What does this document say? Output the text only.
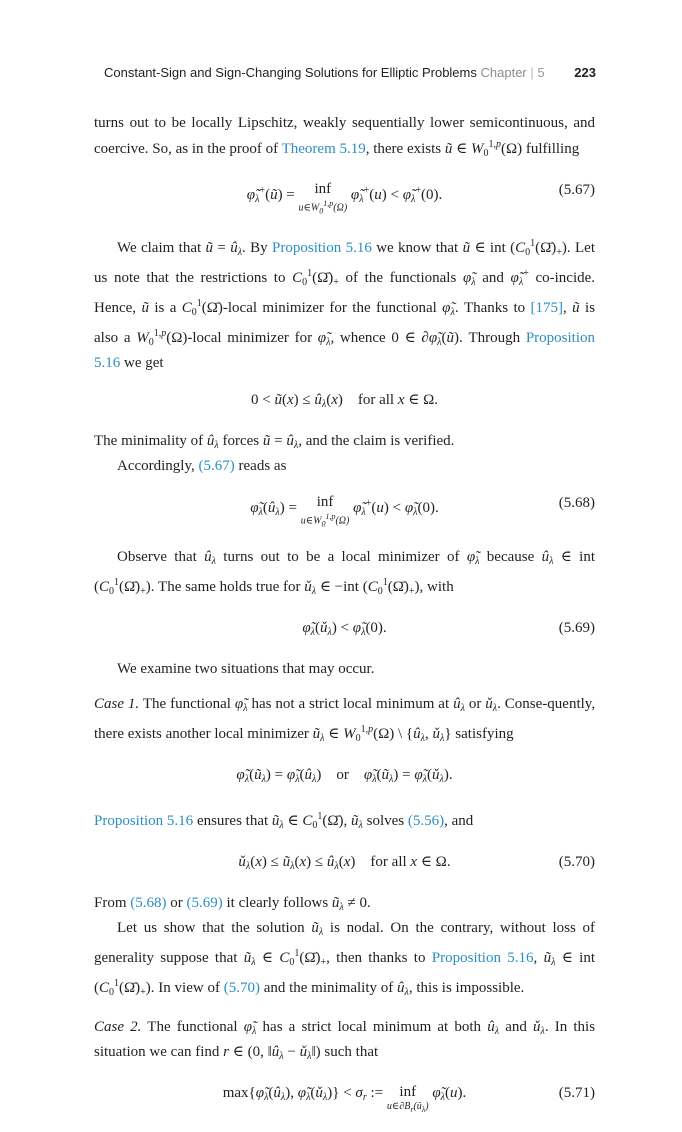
Constant-Sign and Sign-Changing Solutions for Elliptic Problems Chapter | 5 223

turns out to be locally Lipschitz, weakly sequentially lower semicontinuous, and coercive. So, as in the proof of Theorem 5.19, there exists ũ ∈ $W_0^{1,p}(\Omega)$ fulfilling

$\varphĩ_\lambda^+(ũ)$ = inf
$u\in W_0^{1,p}(\Omega)$
$\varphĩ_\lambda^+(u)$ < $\varphĩ_\lambda^+(0)$.	(5.67)

We claim that ũ = $û_\lambda$. By Proposition 5.16 we know that ũ ∈ int $(C_0^1(\Omegā)_+)$. Let us note that the restrictions to $C_0^1(\Omegā)_+$ of the functionals $\varphĩ_\lambda$ and $\varphĩ_\lambda^+$ co-incide. Hence, ũ is a $C_0^1(\Omegā)$-local minimizer for the functional $\varphĩ_\lambda$. Thanks to [175], ũ is also a $W_0^{1,p}(\Omega)$-local minimizer for $\varphĩ_\lambda$, whence 0 ∈ $\partial\varphĩ_\lambda(ũ)$. Through Proposition 5.16 we get

0 < ũ(x) ≤ $û_\lambda(x)$    for all x ∈ Ω.

The minimality of $û_\lambda$ forces ũ = $û_\lambda$, and the claim is verified.

Accordingly, (5.67) reads as

$\varphĩ_\lambda(û_\lambda)$ = inf
$u\in W_0^{1,p}(\Omega)$
$\varphĩ_\lambda^+(u)$ < $\varphĩ_\lambda(0)$.	(5.68)

Observe that $û_\lambda$ turns out to be a local minimizer of $\varphĩ_\lambda$ because $û_\lambda$ ∈ int $(C_0^1(\Omegā)_+)$. The same holds true for $ǔ_\lambda$ ∈ −int $(C_0^1(\Omegā)_+)$, with

$\varphĩ_\lambda(ǔ_\lambda)$ < $\varphĩ_\lambda(0)$.	(5.69)

We examine two situations that may occur.

Case 1. The functional $\varphĩ_\lambda$ has not a strict local minimum at $û_\lambda$ or $ǔ_\lambda$. Conse-quently, there exists another local minimizer $ũ_\lambda$ ∈ $W_0^{1,p}(\Omega)$ \ {$û_\lambda$, $ǔ_\lambda$} satisfying

$\varphĩ_\lambda(ũ_\lambda)$ = $\varphĩ_\lambda(û_\lambda)$    or $\varphĩ_\lambda(ũ_\lambda)$ = $\varphĩ_\lambda(ǔ_\lambda)$.

Proposition 5.16 ensures that $ũ_\lambda$ ∈ $C_0^1(\Omegā)$, $ũ_\lambda$ solves (5.56), and

$ǔ_\lambda(x)$ ≤ $ũ_\lambda(x)$ ≤ $û_\lambda(x)$    for all x ∈ Ω.	(5.70)

From (5.68) or (5.69) it clearly follows $ũ_\lambda \ne 0$.

Let us show that the solution $ũ_\lambda$ is nodal. On the contrary, without loss of generality suppose that $ũ_\lambda$ ∈ $C_0^1(\Omegā)_+$, then thanks to Proposition 5.16, $ũ_\lambda$ ∈ int $(C_0^1(\Omegā)_+)$. In view of (5.70) and the minimality of $û_\lambda$, this is impossible.

Case 2. The functional $\varphĩ_\lambda$ has a strict local minimum at both $û_\lambda$ and $ǔ_\lambda$. In this situation we can find r ∈ (0, $‖û_\lambda$ − $ǔ_\lambda‖$) such that

$\max\{\varphĩ_\lambda(û_\lambda)$, $\varphĩ_\lambda(ǔ_\lambda)\} < \sigma_r$ := inf
$u\in\partial B_r(û_\lambda)$
$\varphĩ_\lambda(u)$.	(5.71)
